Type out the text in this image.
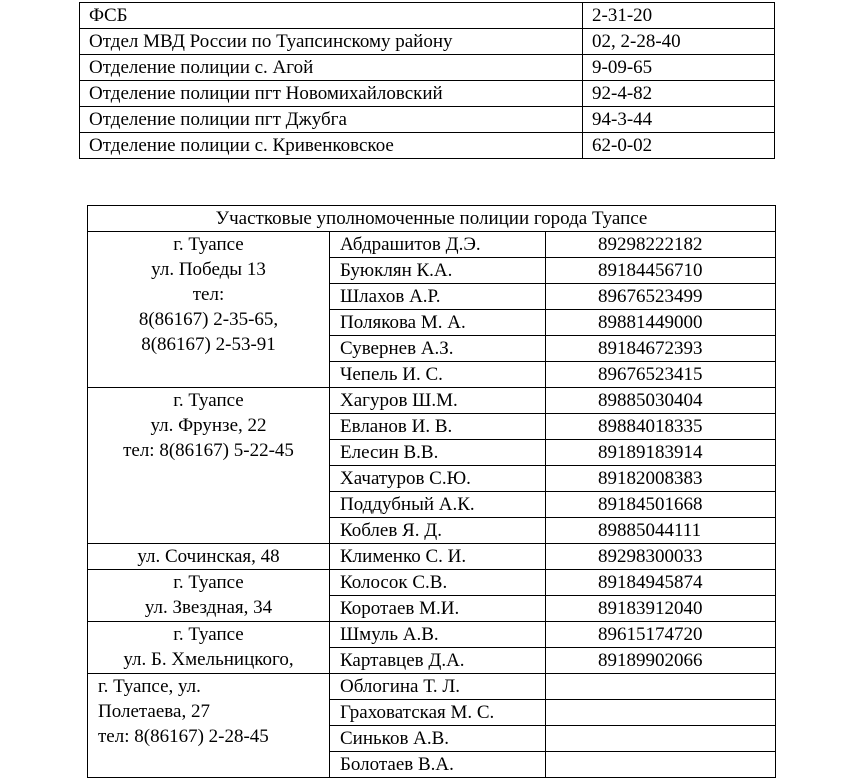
ФСБ	2-31-20
Отдел МВД России по Туапсинскому району	02, 2-28-40
Отделение полиции с. Агой	9-09-65
Отделение полиции пгт Новомихайловский	92-4-82
Отделение полиции пгт Джубга	94-3-44
Отделение полиции с. Кривенковское	62-0-02
Участковые уполномоченные полиции города Туапсе		

г. Туапсе
ул. Победы 13
тел:
8(86167) 2-35-65,
8(86167) 2-53-91	Абдрашитов Д.Э.	89298222182
	Буюклян К.А.	89184456710
	Шлахов А.Р.	89676523499
	Полякова М. А.	89881449000
	Сувернев А.З.	89184672393
	Чепель И. С.	89676523415

г. Туапсе
ул. Фрунзе, 22
тел: 8(86167) 5-22-45	Хагуров Ш.М.	89885030404
	Евланов И. В.	89884018335
	Елесин В.В.	89189183914
	Хачатуров С.Ю.	89182008383
	Поддубный А.К.	89184501668
	Коблев Я. Д.	89885044111

ул. Сочинская, 48	Клименко С. И.	89298300033

г. Туапсе
ул. Звездная, 34	Колосок С.В.	89184945874
	Коротаев М.И.	89183912040

г. Туапсе
ул. Б. Хмельницкого,	Шмуль А.В.	89615174720
	Картавцев Д.А.	89189902066

г. Туапсе, ул.
Полетаева, 27
тел: 8(86167) 2-28-45	Облогина Т. Л.	
	Граховатская М. С.	
	Синьков А.В.	
	Болотаев В.А.	
